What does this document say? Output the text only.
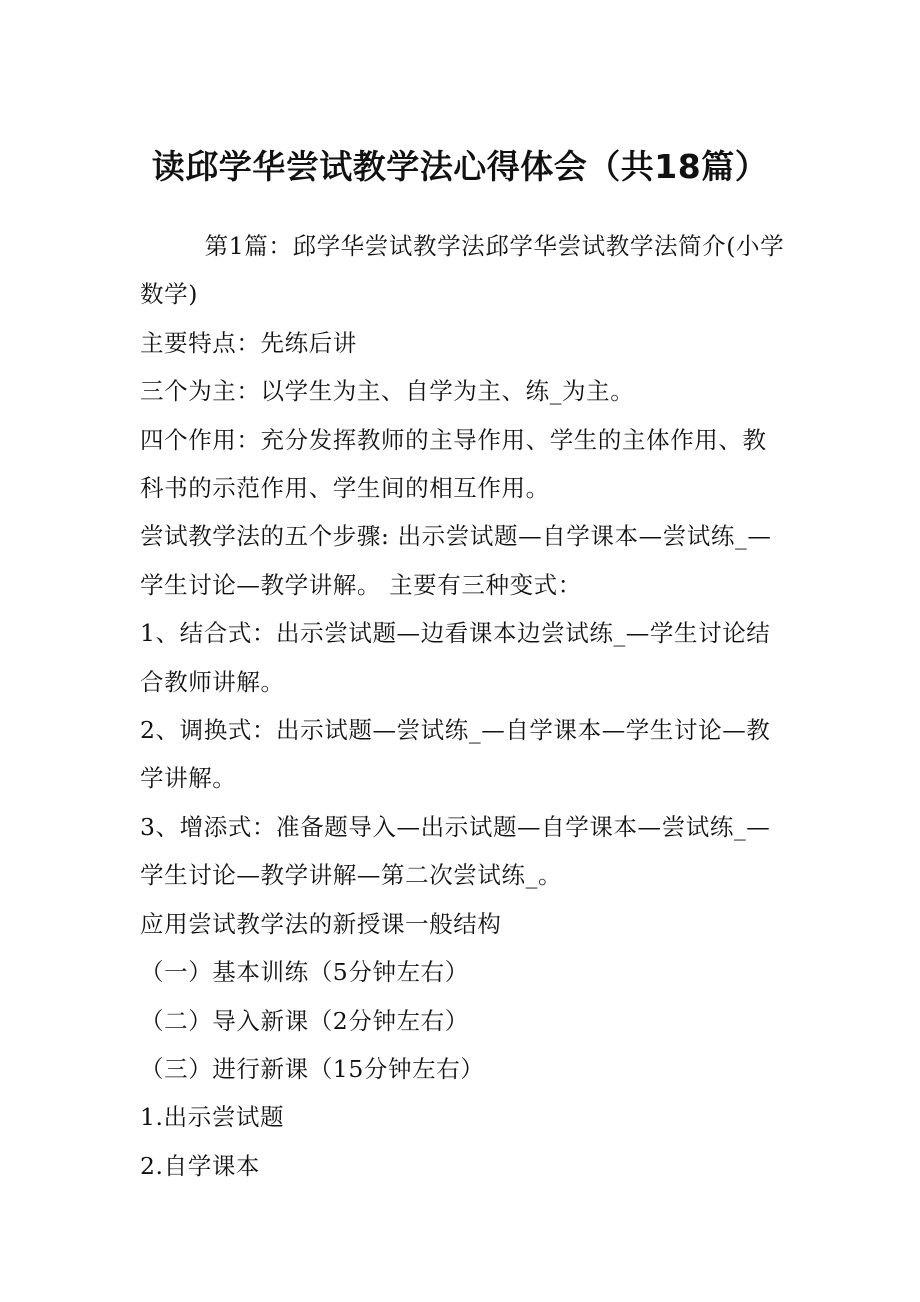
读邱学华尝试教学法心得体会（共18篇）

第1篇：邱学华尝试教学法邱学华尝试教学法简介(小学数学)

主要特点：先练后讲

三个为主：以学生为主、自学为主、练_为主。

四个作用：充分发挥教师的主导作用、学生的主体作用、教科书的示范作用、学生间的相互作用。

尝试教学法的五个步骤: 出示尝试题—自学课本—尝试练_—学生讨论—教学讲解。 主要有三种变式：

1、结合式：出示尝试题—边看课本边尝试练_—学生讨论结合教师讲解。

2、调换式：出示试题—尝试练_—自学课本—学生讨论—教学讲解。

3、增添式：准备题导入—出示试题—自学课本—尝试练_—学生讨论—教学讲解—第二次尝试练_。

应用尝试教学法的新授课一般结构

（一）基本训练（5分钟左右）

（二）导入新课（2分钟左右）

（三）进行新课（15分钟左右）

1.出示尝试题

2.自学课本
